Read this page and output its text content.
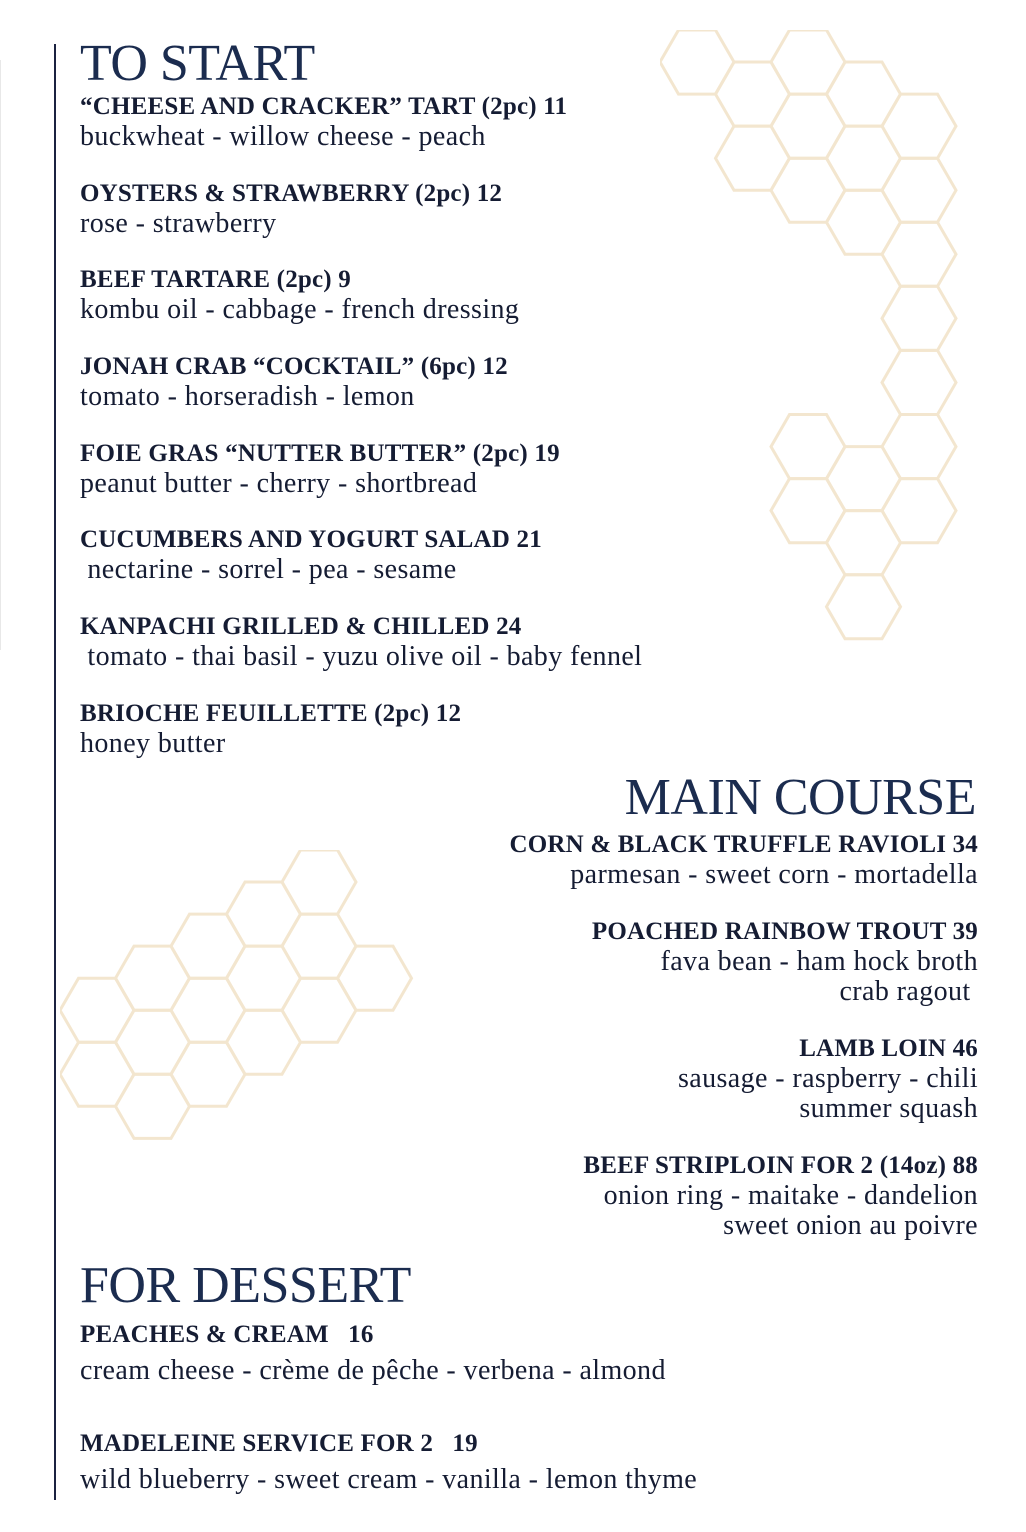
TO START
“CHEESE AND CRACKER” TART (2pc) 11
buckwheat - willow cheese - peach
OYSTERS & STRAWBERRY (2pc) 12
rose - strawberry
BEEF TARTARE (2pc) 9
kombu oil - cabbage - french dressing
JONAH CRAB “COCKTAIL” (6pc) 12
tomato - horseradish - lemon
FOIE GRAS “NUTTER BUTTER” (2pc) 19
peanut butter - cherry - shortbread
CUCUMBERS AND YOGURT SALAD 21
nectarine - sorrel - pea - sesame
KANPACHI GRILLED & CHILLED 24
tomato - thai basil - yuzu olive oil - baby fennel
BRIOCHE FEUILLETTE (2pc) 12
honey butter
MAIN COURSE
CORN & BLACK TRUFFLE RAVIOLI 34
parmesan - sweet corn - mortadella
POACHED RAINBOW TROUT 39
fava bean - ham hock broth
crab ragout
LAMB LOIN 46
sausage - raspberry - chili
summer squash
BEEF STRIPLOIN FOR 2 (14oz) 88
onion ring - maitake - dandelion
sweet onion au poivre
FOR DESSERT
PEACHES & CREAM   16
cream cheese - crème de pêche - verbena - almond
MADELEINE SERVICE FOR 2   19
wild blueberry - sweet cream - vanilla - lemon thyme
